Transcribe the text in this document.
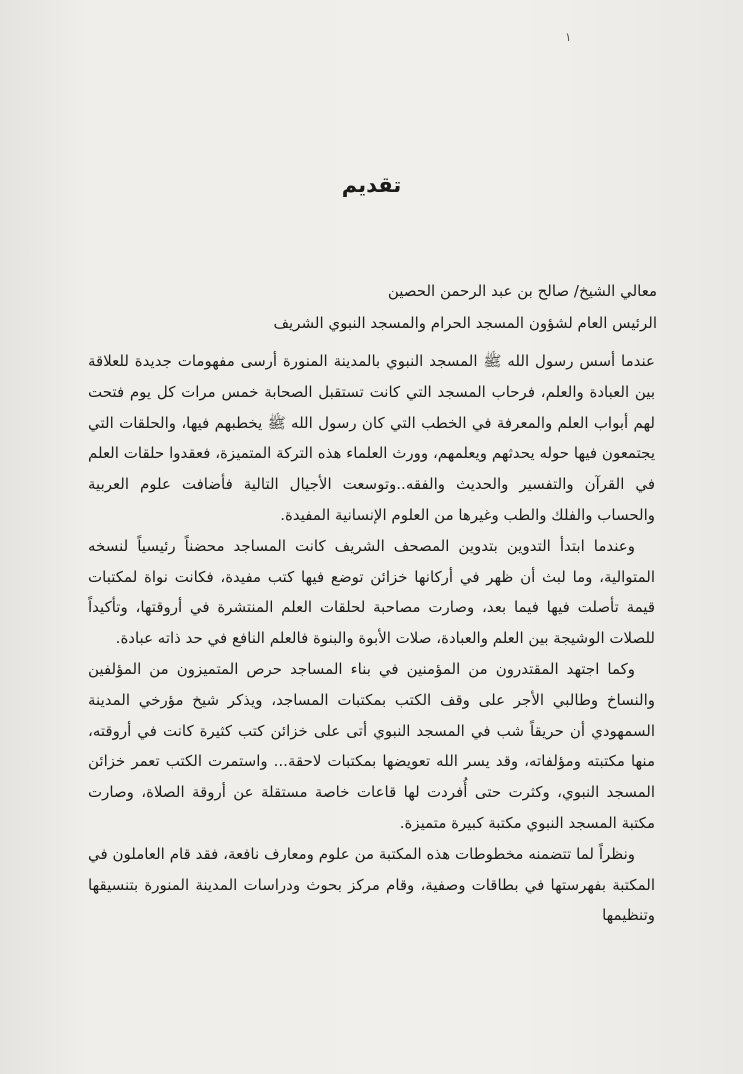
١
تقديم
معالي الشيخ/ صالح بن عبد الرحمن الحصين
الرئيس العام لشؤون المسجد الحرام والمسجد النبوي الشريف

عندما أسس رسول الله ﷺ المسجد النبوي بالمدينة المنورة أرسى مفهومات جديدة للعلاقة بين العبادة والعلم، فرحاب المسجد التي كانت تستقبل الصحابة خمس مرات كل يوم فتحت لهم أبواب العلم والمعرفة في الخطب التي كان رسول الله ﷺ يخطبهم فيها، والحلقات التي يجتمعون فيها حوله يحدثهم ويعلمهم، وورث العلماء هذه التركة المتميزة، فعقدوا حلقات العلم في القرآن والتفسير والحديث والفقه..وتوسعت الأجيال التالية فأضافت علوم العربية والحساب والفلك والطب وغيرها من العلوم الإنسانية المفيدة.

وعندما ابتدأ التدوين بتدوين المصحف الشريف كانت المساجد محضناً رئيسياً لنسخه المتوالية، وما لبث أن ظهر في أركانها خزائن توضع فيها كتب مفيدة، فكانت نواة لمكتبات قيمة تأصلت فيها فيما بعد، وصارت مصاحبة لحلقات العلم المنتشرة في أروقتها، وتأكيداً للصلات الوشيجة بين العلم والعبادة، صلات الأبوة والبنوة فالعلم النافع في حد ذاته عبادة.

وكما اجتهد المقتدرون من المؤمنين في بناء المساجد حرص المتميزون من المؤلفين والنساخ وطالبي الأجر على وقف الكتب بمكتبات المساجد، ويذكر شيخ مؤرخي المدينة السمهودي أن حريقاً شب في المسجد النبوي أتى على خزائن كتب كثيرة كانت في أروقته، منها مكتبته ومؤلفاته، وقد يسر الله تعويضها بمكتبات لاحقة... واستمرت الكتب تعمر خزائن المسجد النبوي، وكثرت حتى أُفردت لها قاعات خاصة مستقلة عن أروقة الصلاة، وصارت مكتبة المسجد النبوي مكتبة كبيرة متميزة.

ونظراً لما تتضمنه مخطوطات هذه المكتبة من علوم ومعارف نافعة، فقد قام العاملون في المكتبة بفهرستها في بطاقات وصفية، وقام مركز بحوث ودراسات المدينة المنورة بتنسيقها وتنظيمها
